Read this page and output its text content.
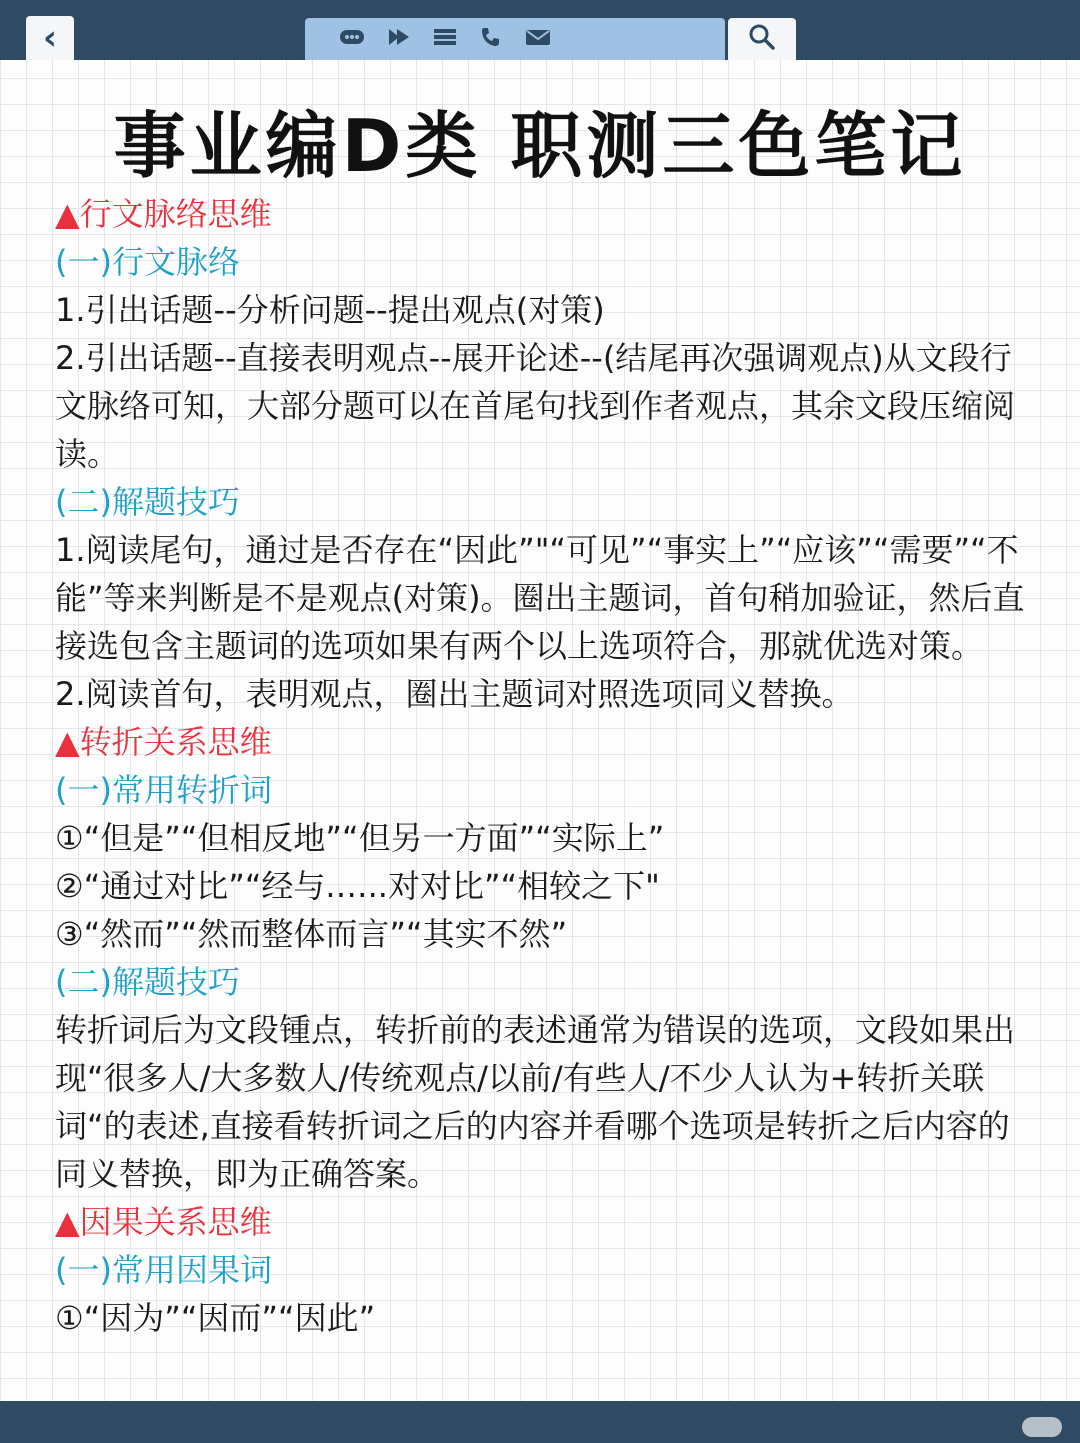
‹
事业编D类 职测三色笔记

▲行文脉络思维

(一)行文脉络

1.引出话题--分析问题--提出观点(对策)

2.引出话题--直接表明观点--展开论述--(结尾再次强调观点)从文段行文脉络可知，大部分题可以在首尾句找到作者观点，其余文段压缩阅读。

(二)解题技巧

1.阅读尾句，通过是否存在“因此”"“可见”“事实上”“应该”“需要”“不能”等来判断是不是观点(对策)。圈出主题词，首句稍加验证，然后直接选包含主题词的选项如果有两个以上选项符合，那就优选对策。

2.阅读首句，表明观点，圈出主题词对照选项同义替换。

▲转折关系思维

(一)常用转折词

①“但是”“但相反地”“但另一方面”“实际上”

②“通过对比”“经与.…..对对比”“相较之下"

③“然而”“然而整体而言”“其实不然”

(二)解题技巧

转折词后为文段锺点，转折前的表述通常为错误的选项，文段如果出现“很多人/大多数人/传统观点/以前/有些人/不少人认为+转折关联词“的表述,直接看转折词之后的内容并看哪个选项是转折之后内容的同义替换，即为正确答案。

▲因果关系思维

(一)常用因果词

①“因为”“因而”“因此”
